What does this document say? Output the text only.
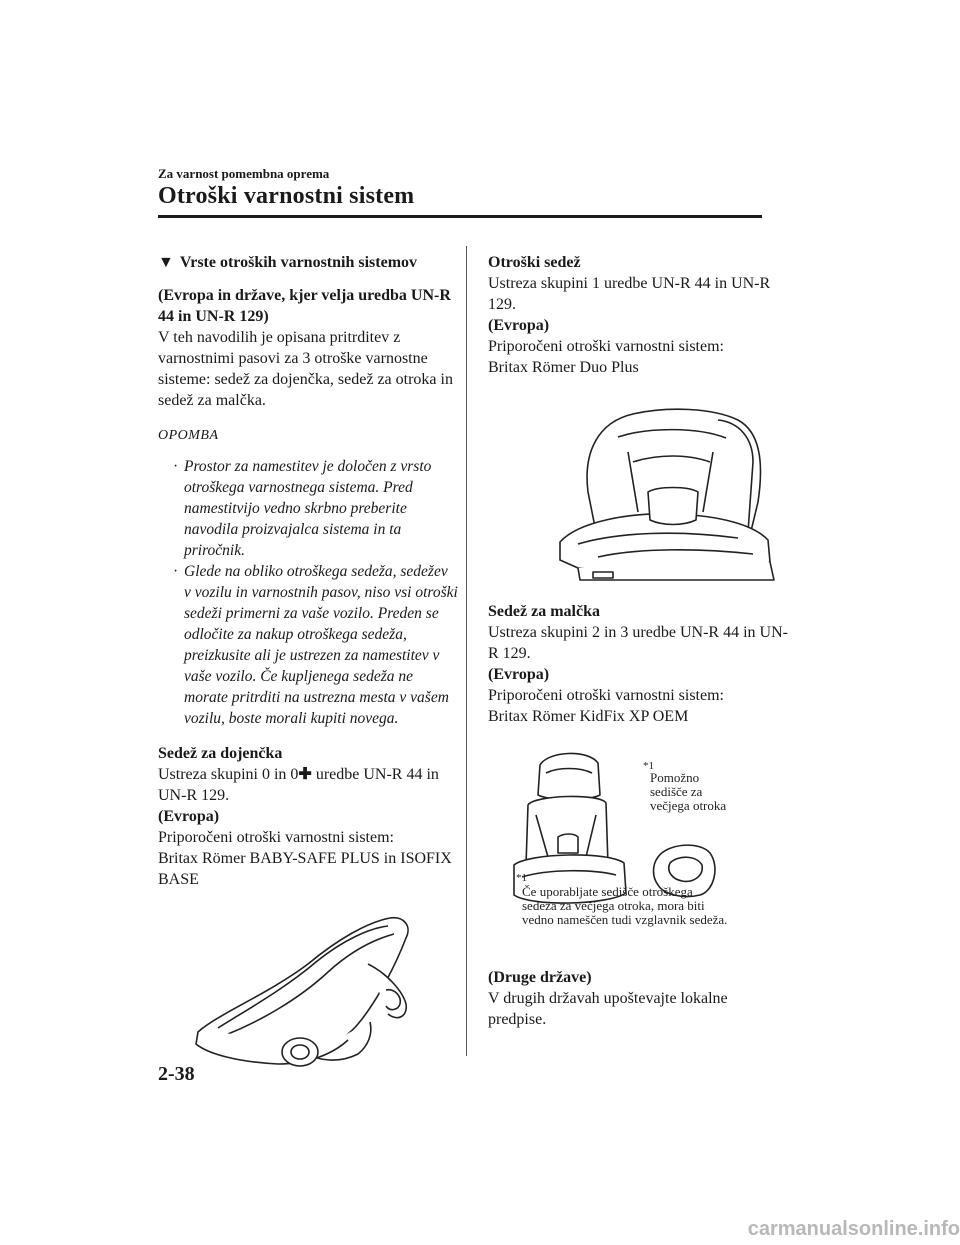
Za varnost pomembna oprema
Otroški varnostni sistem

▼ Vrste otroških varnostnih sistemov

(Evropa in države, kjer velja uredba UN-R 44 in UN-R 129)

V teh navodilih je opisana pritrditev z varnostnimi pasovi za 3 otroške varnostne sisteme: sedež za dojenčka, sedež za otroka in sedež za malčka.

OPOMBA

· Prostor za namestitev je določen z vrsto otroškega varnostnega sistema. Pred namestitvijo vedno skrbno preberite navodila proizvajalca sistema in ta priročnik.
· Glede na obliko otroškega sedeža, sedežev v vozilu in varnostnih pasov, niso vsi otroški sedeži primerni za vaše vozilo. Preden se odločite za nakup otroškega sedeža, preizkusite ali je ustrezen za namestitev v vaše vozilo. Če kupljenega sedeža ne morate pritrditi na ustrezna mesta v vašem vozilu, boste morali kupiti novega.

Sedež za dojenčka

Ustreza skupini 0 in 0✚ uredbe UN-R 44 in UN-R 129.

(Evropa)

Priporočeni otroški varnostni sistem:

Britax Römer BABY-SAFE PLUS in ISOFIX BASE

Otroški sedež

Ustreza skupini 1 uredbe UN-R 44 in UN-R 129.

(Evropa)

Priporočeni otroški varnostni sistem:

Britax Römer Duo Plus

Sedež za malčka

Ustreza skupini 2 in 3 uredbe UN-R 44 in UN-R 129.

(Evropa)

Priporočeni otroški varnostni sistem:

Britax Römer KidFix XP OEM

*1
Pomožno
sedišče za
večjega otroka
*1
Če uporabljate sedišče otroškega
sedeža za večjega otroka, mora biti
vedno nameščen tudi vzglavnik sedeža.

(Druge države)

V drugih državah upoštevajte lokalne predpise.

2-38
carmanualsonline.info
